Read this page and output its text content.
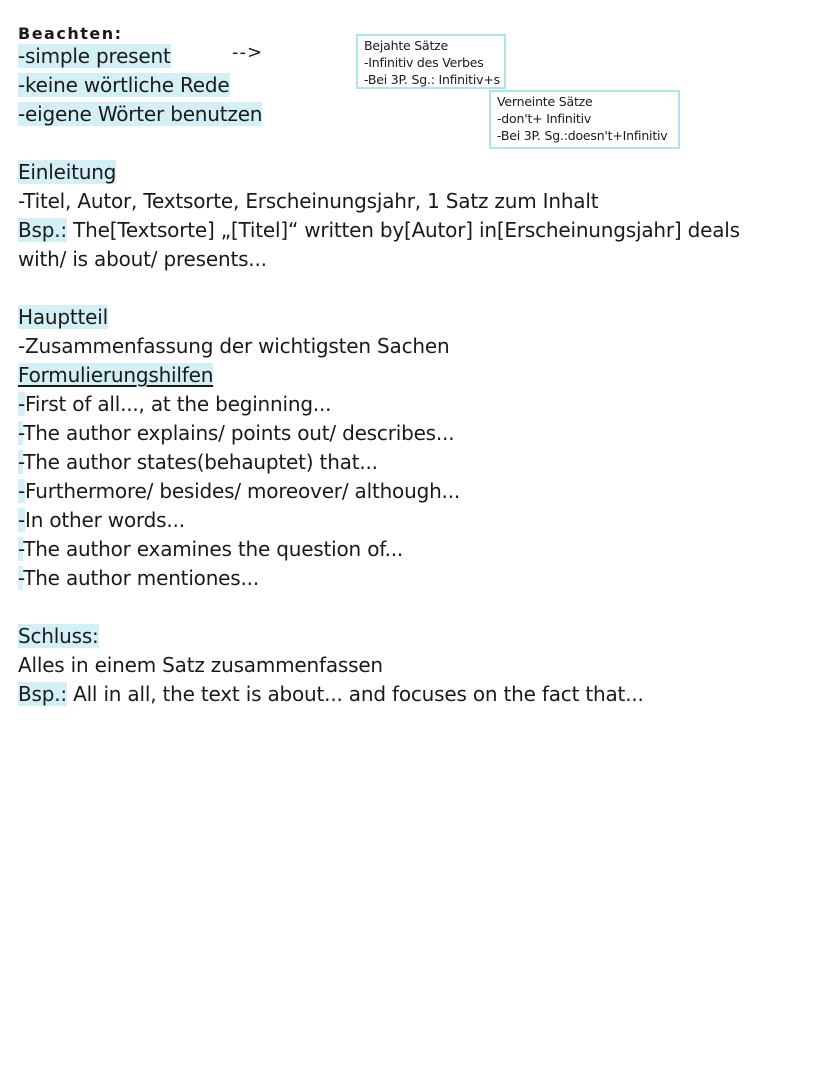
Beachten:
-simple present
-keine wörtliche Rede
-eigene Wörter benutzen
-->	Bejahte Sätze
-Infinitiv des Verbes
-Bei 3P. Sg.: Infinitiv+s
Verneinte Sätze
-don't+ Infinitiv
-Bei 3P. Sg.:doesn't+Infinitiv
Einleitung
-Titel, Autor, Textsorte, Erscheinungsjahr, 1 Satz zum Inhalt
Bsp.: The[Textsorte] „[Titel]“ written by[Autor] in[Erscheinungsjahr] deals
with/ is about/ presents...
Hauptteil
-Zusammenfassung der wichtigsten Sachen
Formulierungshilfen
-First of all..., at the beginning...
-The author explains/ points out/ describes...
-The author states(behauptet) that...
-Furthermore/ besides/ moreover/ although...
-In other words...
-The author examines the question of...
-The author mentiones...
Schluss:
Alles in einem Satz zusammenfassen
Bsp.: All in all, the text is about... and focuses on the fact that...
